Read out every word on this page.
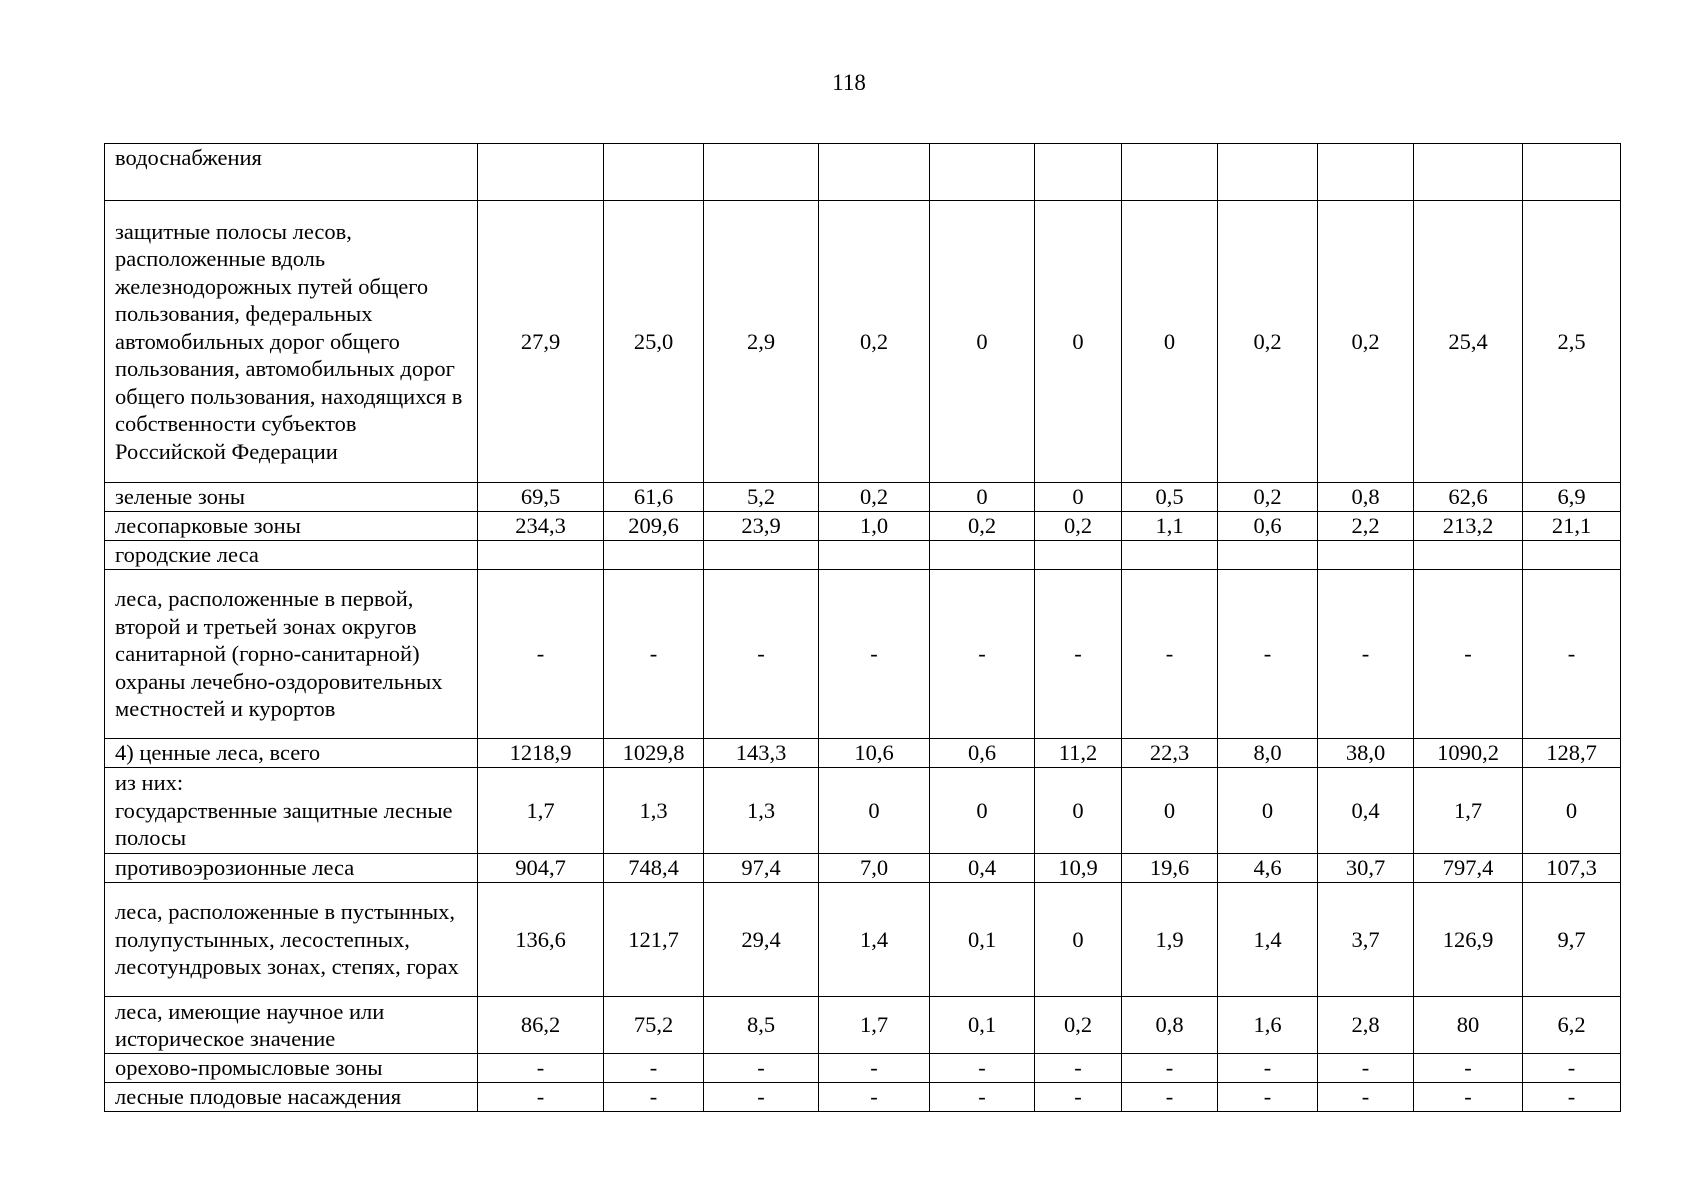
118
водоснабжения											
защитные полосы лесов, расположенные вдоль железнодорожных путей общего пользования, федеральных автомобильных дорог общего пользования, автомобильных дорог общего пользования, находящихся в собственности субъектов Российской Федерации	27,9	25,0	2,9	0,2	0	0	0	0,2	0,2	25,4	2,5
зеленые зоны	69,5	61,6	5,2	0,2	0	0	0,5	0,2	0,8	62,6	6,9
лесопарковые зоны	234,3	209,6	23,9	1,0	0,2	0,2	1,1	0,6	2,2	213,2	21,1
городские леса											
леса, расположенные в первой, второй и третьей зонах округов санитарной (горно-санитарной) охраны лечебно-оздоровительных местностей и курортов	-	-	-	-	-	-	-	-	-	-	-
4) ценные леса, всего	1218,9	1029,8	143,3	10,6	0,6	11,2	22,3	8,0	38,0	1090,2	128,7
из них:
государственные защитные лесные полосы	1,7	1,3	1,3	0	0	0	0	0	0,4	1,7	0
противоэрозионные леса	904,7	748,4	97,4	7,0	0,4	10,9	19,6	4,6	30,7	797,4	107,3
леса, расположенные в пустынных, полупустынных, лесостепных, лесотундровых зонах, степях, горах	136,6	121,7	29,4	1,4	0,1	0	1,9	1,4	3,7	126,9	9,7
леса, имеющие научное или историческое значение	86,2	75,2	8,5	1,7	0,1	0,2	0,8	1,6	2,8	80	6,2
орехово-промысловые зоны	-	-	-	-	-	-	-	-	-	-	-
лесные плодовые насаждения	-	-	-	-	-	-	-	-	-	-	-
